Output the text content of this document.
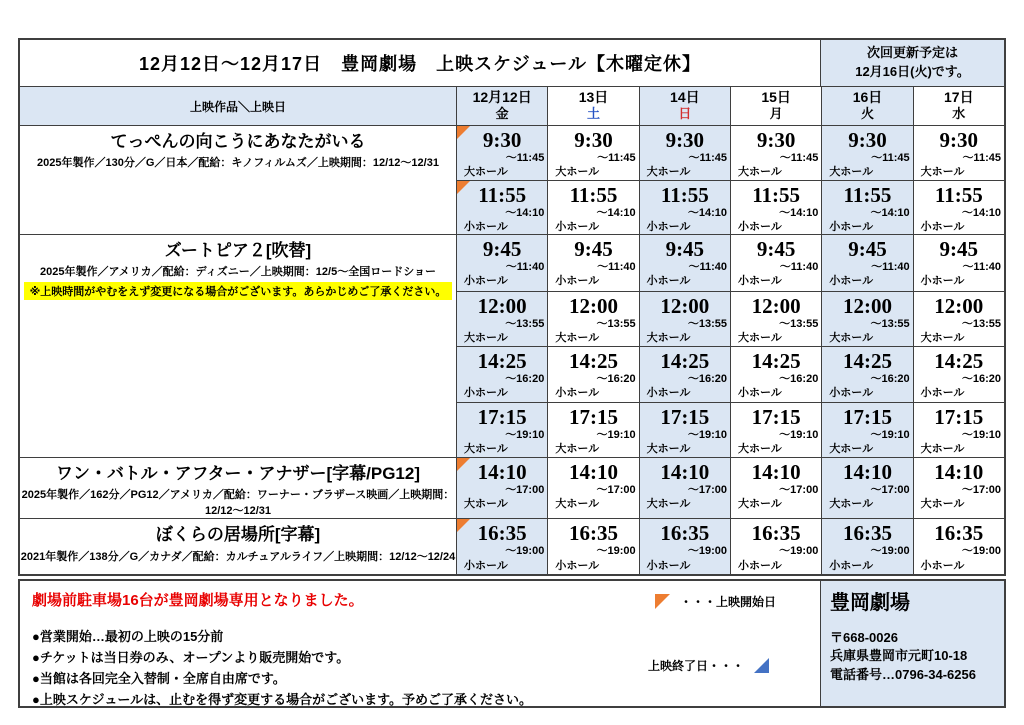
12月12日～12月17日　豊岡劇場　上映スケジュール【木曜定休】
次回更新予定は
12月16日(火)です。
上映作品＼上映日
12月12日
金
13日
土
14日
日
15日
月
16日
火
17日
水
てっぺんの向こうにあなたがいる
2025年製作／130分／G／日本／配給：キノフィルムズ／上映期間：12/12～12/31
9:30
～11:45
大ホール
11:55
～14:10
小ホール
9:30
～11:45
大ホール
11:55
～14:10
小ホール
9:30
～11:45
大ホール
11:55
～14:10
小ホール
9:30
～11:45
大ホール
11:55
～14:10
小ホール
9:30
～11:45
大ホール
11:55
～14:10
小ホール
9:30
～11:45
大ホール
11:55
～14:10
小ホール
ズートピア２[吹替]
2025年製作／アメリカ／配給：ディズニー／上映期間：12/5～全国ロードショー
※上映時間がやむをえず変更になる場合がございます。あらかじめご了承ください。
9:45
～11:40
小ホール
12:00
～13:55
大ホール
14:25
～16:20
小ホール
17:15
～19:10
大ホール
9:45
～11:40
小ホール
12:00
～13:55
大ホール
14:25
～16:20
小ホール
17:15
～19:10
大ホール
9:45
～11:40
小ホール
12:00
～13:55
大ホール
14:25
～16:20
小ホール
17:15
～19:10
大ホール
9:45
～11:40
小ホール
12:00
～13:55
大ホール
14:25
～16:20
小ホール
17:15
～19:10
大ホール
9:45
～11:40
小ホール
12:00
～13:55
大ホール
14:25
～16:20
小ホール
17:15
～19:10
大ホール
9:45
～11:40
小ホール
12:00
～13:55
大ホール
14:25
～16:20
小ホール
17:15
～19:10
大ホール
ワン・バトル・アフター・アナザー[字幕/PG12]
2025年製作／162分／PG12／アメリカ／配給：ワーナー・ブラザース映画／上映期間：12/12～12/31
14:10
～17:00
大ホール
14:10
～17:00
大ホール
14:10
～17:00
大ホール
14:10
～17:00
大ホール
14:10
～17:00
大ホール
14:10
～17:00
大ホール
ぼくらの居場所[字幕]
2021年製作／138分／G／カナダ／配給：カルチュアルライフ／上映期間：12/12～12/24
16:35
～19:00
小ホール
16:35
～19:00
小ホール
16:35
～19:00
小ホール
16:35
～19:00
小ホール
16:35
～19:00
小ホール
16:35
～19:00
小ホール
劇場前駐車場16台が豊岡劇場専用となりました。
●営業開始…最初の上映の15分前
●チケットは当日券のみ、オープンより販売開始です。
●当館は各回完全入替制・全席自由席です。
●上映スケジュールは、止むを得ず変更する場合がございます。予めご了承ください。
・・・上映開始日
上映終了日・・・
豊岡劇場
〒668-0026
兵庫県豊岡市元町10-18
電話番号…0796-34-6256
